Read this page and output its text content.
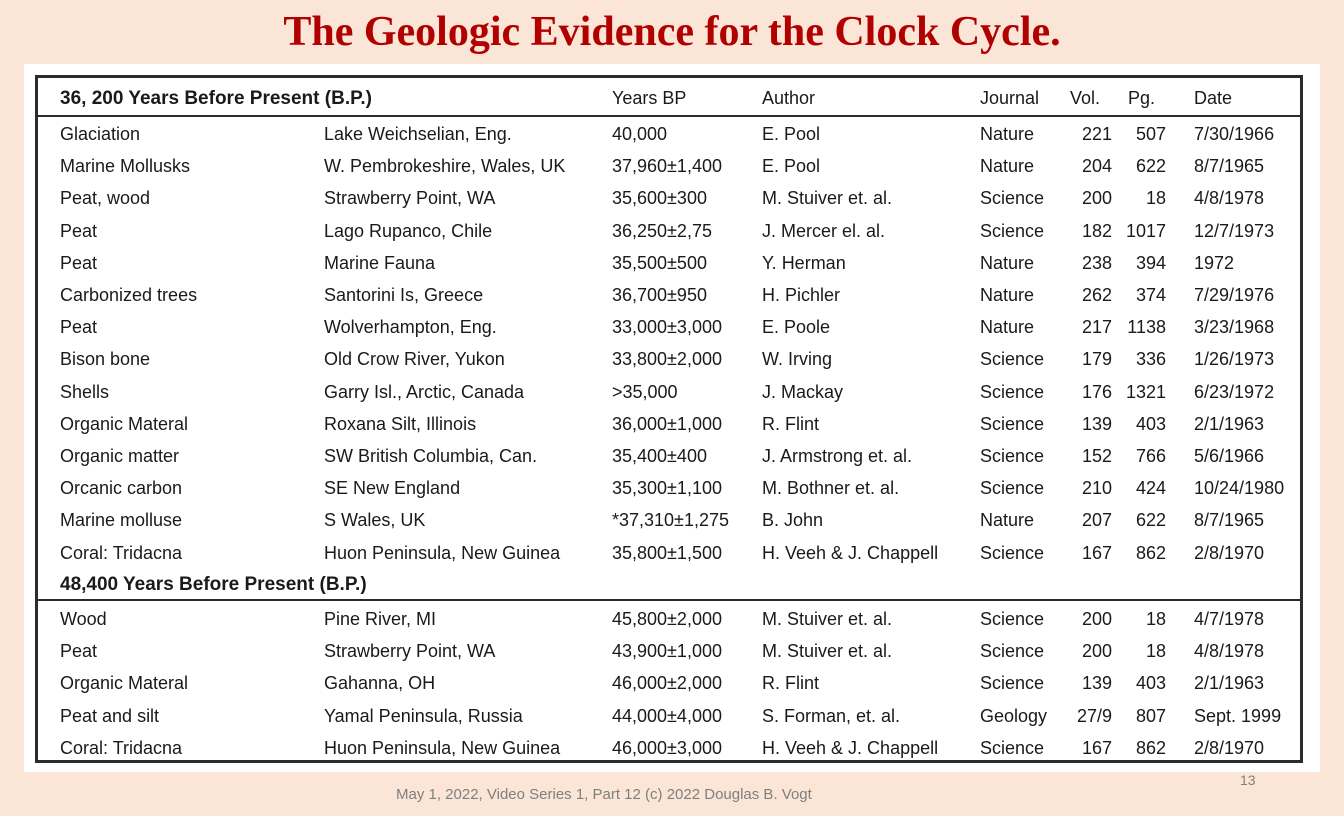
The Geologic Evidence for the Clock Cycle.
36, 200 Years Before Present (B.P.)	Years BP	Author	Journal Vol.	Pg.	Date
Glaciation	Lake Weichselian, Eng.	40,000	E. Pool	Nature	221	507 7/30/1966
Marine Mollusks	W. Pembrokeshire, Wales, UK	37,960±1,400 E. Pool	Nature	204	622 8/7/1965
Peat, wood	Strawberry Point, WA	35,600±300	M. Stuiver et. al.	Science	200	18 4/8/1978
Peat	Lago Rupanco, Chile	36,250±2,75	J. Mercer el. al.	Science	182 1017 12/7/1973
Peat	Marine Fauna	35,500±500	Y. Herman	Nature	238	394 1972
Carbonized trees	Santorini Is, Greece	36,700±950	H. Pichler	Nature	262	374 7/29/1976
Peat	Wolverhampton, Eng.	33,000±3,000 E. Poole	Nature	217 1138 3/23/1968
Bison bone	Old Crow River, Yukon	33,800±2,000 W. Irving	Science	179	336 1/26/1973
Shells	Garry Isl., Arctic, Canada	>35,000	J. Mackay	Science	176 1321 6/23/1972
Organic Materal	Roxana Silt, Illinois	36,000±1,000 R. Flint	Science	139	403 2/1/1963
Organic matter	SW British Columbia, Can.	35,400±400	J. Armstrong et. al.	Science	152	766 5/6/1966
Orcanic carbon	SE New England	35,300±1,100 M. Bothner et. al.	Science	210	424 10/24/1980
Marine molluse	S Wales, UK	*37,310±1,275 B. John	Nature	207	622 8/7/1965
Coral: Tridacna	Huon Peninsula, New Guinea	35,800±1,500 H. Veeh & J. Chappell Science	167	862 2/8/1970
48,400 Years Before Present (B.P.)
Wood	Pine River, MI	45,800±2,000 M. Stuiver et. al.	Science	200	18 4/7/1978
Peat	Strawberry Point, WA	43,900±1,000 M. Stuiver et. al.	Science	200	18 4/8/1978
Organic Materal	Gahanna, OH	46,000±2,000 R. Flint	Science	139	403 2/1/1963
Peat and silt	Yamal Peninsula, Russia	44,000±4,000 S. Forman, et. al.	Geology	27/9	807 Sept. 1999
Coral: Tridacna	Huon Peninsula, New Guinea	46,000±3,000 H. Veeh & J. Chappell Science	167	862 2/8/1970
May 1, 2022, Video Series 1, Part 12 (c) 2022 Douglas B. Vogt
13
